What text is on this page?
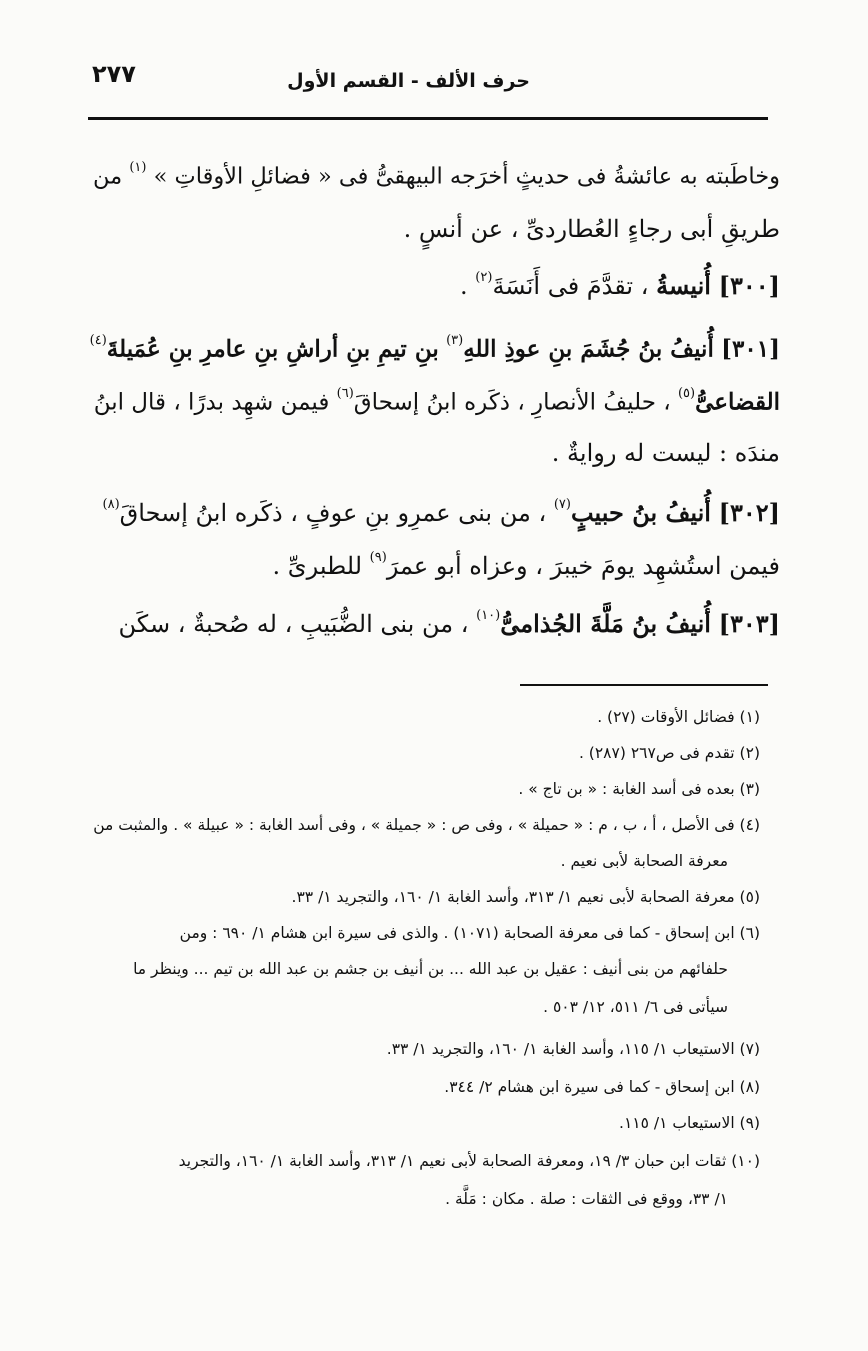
حرف الألف - القسم الأول
٢٧٧
وخاطَبته به عائشةُ فى حديثٍ أخرَجه البيهقىُّ فى « فضائلِ الأوقاتِ » $^{(١)}$ من
طريقِ أبى رجاءٍ العُطاردىِّ ، عن أنسٍ .
[٣٠٠] أُنيسةُ ، تقدَّمَ فى أَنَسَةَ$^{(٢)}$ .
[٣٠١] أُنيفُ بنُ جُشَمَ بنِ عوذِ اللهِ$^{(٣)}$ بنِ تيمِ بنِ أراشِ بنِ عامرِ بنِ عُمَيلةَ$^{(٤)}$
القضاعىُّ$^{(٥)}$ ، حليفُ الأنصارِ ، ذكَره ابنُ إسحاقَ$^{(٦)}$ فيمن شهِد بدرًا ، قال ابنُ
مندَه : ليست له روايةٌ .
[٣٠٢] أُنيفُ بنُ حبيبٍ$^{(٧)}$ ، من بنى عمرِو بنِ عوفٍ ، ذكَره ابنُ إسحاقَ$^{(٨)}$
فيمن استُشهِد يومَ خيبرَ ، وعزاه أبو عمرَ$^{(٩)}$ للطبرىِّ .
[٣٠٣] أُنيفُ بنُ مَلَّةَ الجُذامىُّ$^{(١٠)}$ ، من بنى الضُّبَيبِ ، له صُحبةٌ ، سكَن
(١) فضائل الأوقات (٢٧) .
(٢) تقدم فى ص٢٦٧ (٢٨٧) .
(٣) بعده فى أسد الغابة : « بن تاج » .
(٤) فى الأصل ، أ ، ب ، م : « حميلة » ، وفى ص : « جميلة » ، وفى أسد الغابة : « عبيلة » . والمثبت من
معرفة الصحابة لأبى نعيم .
(٥) معرفة الصحابة لأبى نعيم ١/ ٣١٣، وأسد الغابة ١/ ١٦٠، والتجريد ١/ ٣٣.
(٦) ابن إسحاق - كما فى معرفة الصحابة (١٠٧١) . والذى فى سيرة ابن هشام ١/ ٦٩٠ : ومن
حلفائهم من بنى أنيف : عقيل بن عبد الله ... بن أنيف بن جشم بن عبد الله بن تيم ... وينظر ما
سيأتى فى ٦/ ٥١١، ١٢/ ٥٠٣ .
(٧) الاستيعاب ١/ ١١٥، وأسد الغابة ١/ ١٦٠، والتجريد ١/ ٣٣.
(٨) ابن إسحاق - كما فى سيرة ابن هشام ٢/ ٣٤٤.
(٩) الاستيعاب ١/ ١١٥.
(١٠) ثقات ابن حبان ٣/ ١٩، ومعرفة الصحابة لأبى نعيم ١/ ٣١٣، وأسد الغابة ١/ ١٦٠، والتجريد
١/ ٣٣، ووقع فى الثقات : صلة . مكان : مَلَّة .
